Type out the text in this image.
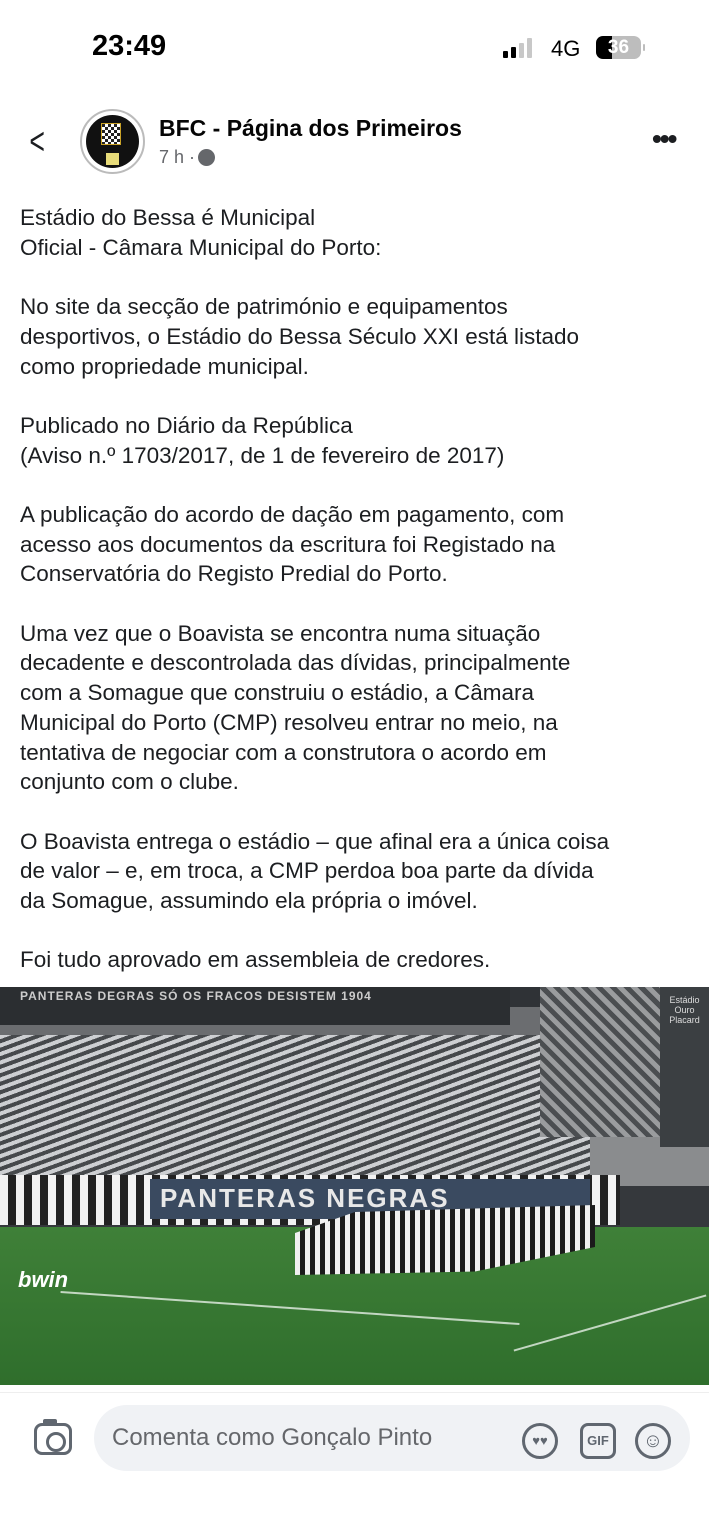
23:49	4G	36
<	BFC - Página dos Primeiros
7 h ·
•••
Estádio do Bessa é Municipal
Oficial - Câmara Municipal do Porto:
No site da secção de património e equipamentos
desportivos, o Estádio do Bessa Século XXI está listado
como propriedade municipal.
Publicado no Diário da República
(Aviso n.º 1703/2017, de 1 de fevereiro de 2017)
A publicação do acordo de dação em pagamento, com
acesso aos documentos da escritura foi Registado na
Conservatória do Registo Predial do Porto.
Uma vez que o Boavista se encontra numa situação
decadente e descontrolada das dívidas, principalmente
com a Somague que construiu o estádio, a Câmara
Municipal do Porto (CMP) resolveu entrar no meio, na
tentativa de negociar com a construtora o acordo em
conjunto com o clube.
O Boavista entrega o estádio – que afinal era a única coisa
de valor – e, em troca, a CMP perdoa boa parte da dívida
da Somague, assumindo ela própria o imóvel.
Foi tudo aprovado em assembleia de credores.
PANTERAS DEGRAS SÓ OS FRACOS DESISTEM 1904	Estádio Ouro Placard
PANTERAS NEGRAS
bwin
Comenta como Gonçalo Pinto	♥♥	GIF	☺
